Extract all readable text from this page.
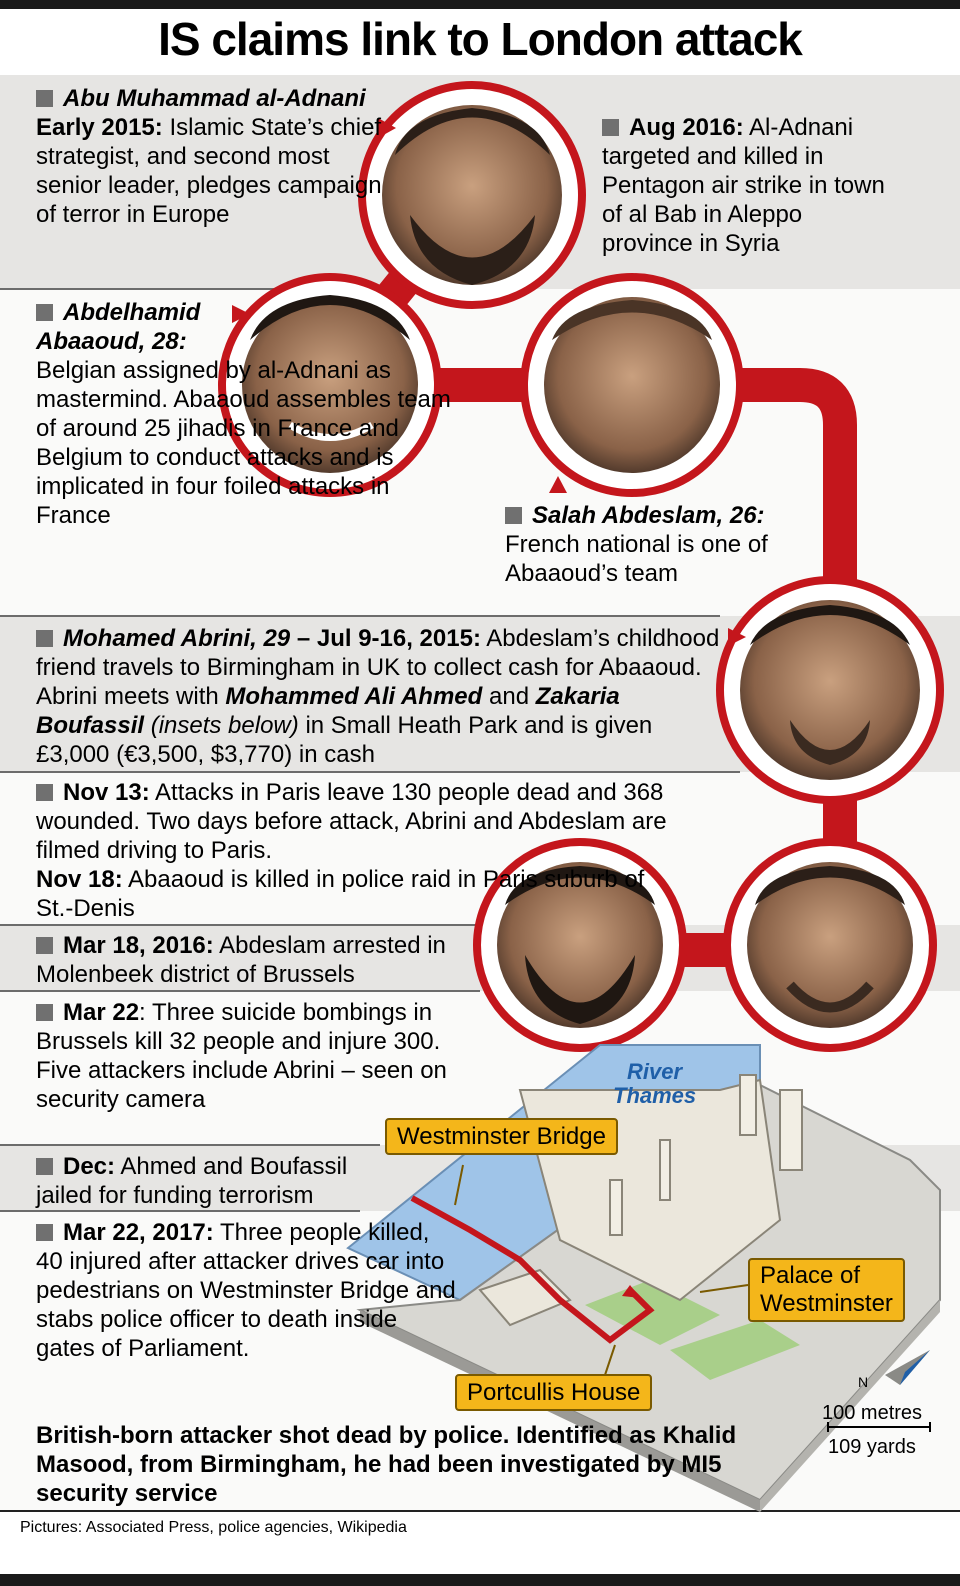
IS claims link to London attack
N
Abu Muhammad al-Adnani
Early 2015: Islamic State’s chief strategist, and second most senior leader, pledges campaign of terror in Europe
Aug 2016: Al-Adnani targeted and killed in Pentagon air strike in town of al Bab in Aleppo province in Syria
Abdelhamid Abaaoud, 28:
Belgian assigned by al-Adnani as mastermind. Abaaoud assembles team of around 25 jihadis in France and Belgium to conduct attacks and is implicated in four foiled attacks in France	Salah Abdeslam, 26:
French national is one of Abaaoud’s team
Mohamed Abrini, 29 – Jul 9-16, 2015: Abdeslam’s childhood friend travels to Birmingham in UK to collect cash for Abaaoud. Abrini meets with Mohammed Ali Ahmed and Zakaria Boufassil (insets below) in Small Heath Park and is given £3,000 (€3,500, $3,770) in cash
Nov 13: Attacks in Paris leave 130 people dead and 368 wounded. Two days before attack, Abrini and Abdeslam are filmed driving to Paris.
Nov 18: Abaaoud is killed in police raid in Paris suburb of St.-Denis
Mar 18, 2016: Abdeslam arrested in Molenbeek district of Brussels
Mar 22: Three suicide bombings in Brussels kill 32 people and injure 300. Five attackers include Abrini – seen on security camera
Dec: Ahmed and Boufassil jailed for funding terrorism
Mar 22, 2017: Three people killed, 40 injured after attacker drives car into pedestrians on Westminster Bridge and stabs police officer to death inside gates of Parliament.
British-born attacker shot dead by police. Identified as Khalid Masood, from Birmingham, he had been investigated by MI5 security service
River
Thames
Westminster Bridge
Palace of
Westminster
Portcullis House
100 metres
109 yards
Pictures: Associated Press, police agencies, Wikipedia
